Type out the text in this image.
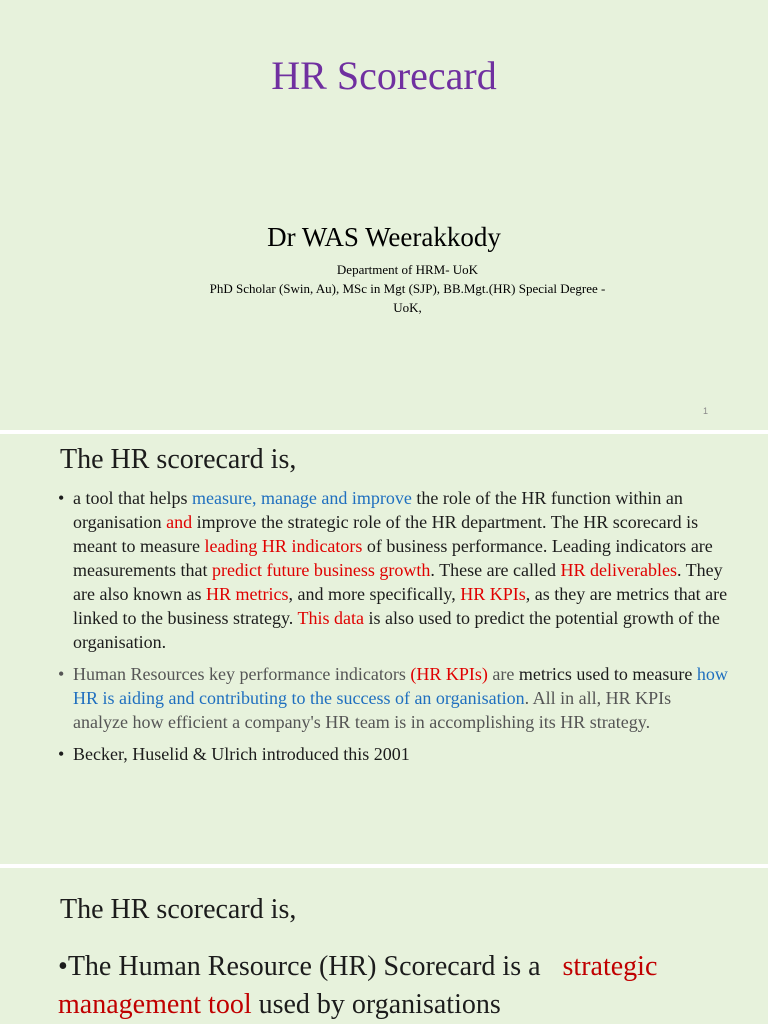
HR Scorecard
Dr WAS Weerakkody
Department of HRM- UoK
PhD Scholar (Swin, Au), MSc in Mgt (SJP), BB.Mgt.(HR) Special Degree -
UoK,
1
The HR scorecard is,
• a tool that helps measure, manage and improve the role of the HR function within an organisation and improve the strategic role of the HR department. The HR scorecard is meant to measure leading HR indicators of business performance. Leading indicators are measurements that predict future business growth. These are called HR deliverables. They are also known as HR metrics, and more specifically, HR KPIs, as they are metrics that are linked to the business strategy. This data is also used to predict the potential growth of the organisation.
• Human Resources key performance indicators (HR KPIs) are metrics used to measure how HR is aiding and contributing to the success of an organisation. All in all, HR KPIs analyze how efficient a company's HR team is in accomplishing its HR strategy.
• Becker, Huselid & Ulrich introduced this 2001
The HR scorecard is,
•The Human Resource (HR) Scorecard is a strategic management tool used by organisations
